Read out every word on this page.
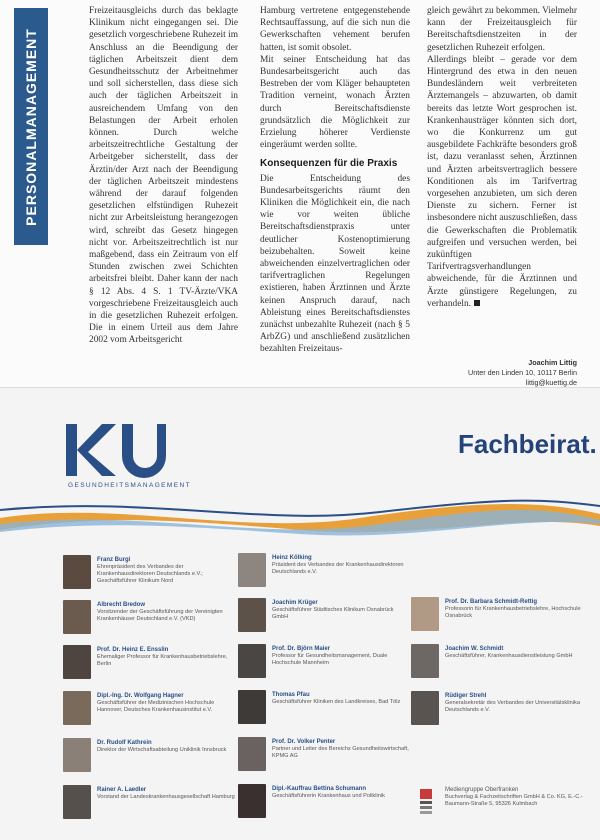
PERSONALMANAGEMENT

Freizeitausgleichs durch das beklagte Klinikum nicht eingegangen sei. Die gesetzlich vorgeschriebene Ruhezeit im Anschluss an die Beendigung der täglichen Arbeitszeit dient dem Gesundheitsschutz der Arbeitnehmer und soll sicherstellen, dass diese sich auch der täglichen Arbeitszeit in ausreichendem Umfang von den Belastungen der Arbeit erholen können. Durch welche arbeitszeitrechtliche Gestaltung der Arbeitgeber sicherstellt, dass der Ärztin/der Arzt nach der Beendigung der täglichen Arbeitszeit mindestens während der darauf folgenden gesetzlichen elfstündigen Ruhezeit nicht zur Arbeitsleistung herangezogen wird, schreibt das Gesetz hingegen nicht vor. Arbeitszeitrechtlich ist nur maßgebend, dass ein Zeitraum von elf Stunden zwischen zwei Schichten arbeitsfrei bleibt. Daher kann der nach § 12 Abs. 4 S. 1 TV-Ärzte/VKA vorgeschriebene Freizeitausgleich auch in die gesetzlichen Ruhezeit erfolgen. Die in einem Urteil aus dem Jahre 2002 vom Arbeitsgericht

Hamburg vertretene entgegenstehende Rechtsauffassung, auf die sich nun die Gewerkschaften vehement berufen hatten, ist somit obsolet.

Mit seiner Entscheidung hat das Bundesarbeitsgericht auch das Bestreben der vom Kläger behaupteten Tradition verneint, wonach Ärzten durch Bereitschaftsdienste grundsätzlich die Möglichkeit zur Erzielung höherer Verdienste eingeräumt werden sollte.

Konsequenzen für die Praxis

Die Entscheidung des Bundesarbeitsgerichts räumt den Kliniken die Möglichkeit ein, die nach wie vor weiten übliche Bereitschaftsdienstpraxis unter deutlicher Kostenoptimierung beizubehalten. Soweit keine abweichenden einzelvertraglichen oder tarifvertraglichen Regelungen existieren, haben Ärztinnen und Ärzte keinen Anspruch darauf, nach Ableistung eines Bereitschaftsdienstes zunächst unbezahlte Ruhezeit (nach § 5 ArbZG) und anschließend zusätzlichen bezahlten Freizeitaus-

gleich gewährt zu bekommen. Vielmehr kann der Freizeitausgleich für Bereitschaftsdienstzeiten in der gesetzlichen Ruhezeit erfolgen.

Allerdings bleibt – gerade vor dem Hintergrund des etwa in den neuen Bundesländern weit verbreiteten Ärztemangels – abzuwarten, ob damit bereits das letzte Wort gesprochen ist. Krankenhausträger könnten sich dort, wo die Konkurrenz um gut ausgebildete Fachkräfte besonders groß ist, dazu veranlasst sehen, Ärztinnen und Ärzten arbeitsvertraglich bessere Konditionen als im Tarifvertrag vorgesehen anzubieten, um sich deren Dienste zu sichern. Ferner ist insbesondere nicht auszuschließen, dass die Gewerkschaften die Problematik aufgreifen und versuchen werden, bei zukünftigen Tarifvertragsverhandlungen abweichende, für die Ärztinnen und Ärzte günstigere Regelungen, zu verhandeln.

Joachim Littig
Unter den Linden 10, 10117 Berlin
littig@kuettig.de
GESUNDHEITSMANAGEMENT
Fachbeirat.
Franz Burgi
Ehrenpräsident des Verbandes der Krankenhausdirektoren Deutschlands e.V.; Geschäftsführer Klinikum Nord
Albrecht Bredow
Vorsitzender der Geschäftsführung der Vereinigten Krankenhäuser Deutschland e.V. (VKD)
Prof. Dr. Heinz E. Ensslin
Ehemaliger Professor für Krankenhausbetriebslehre, Berlin
Dipl.-Ing. Dr. Wolfgang Hagner
Geschäftsführer der Medizinischen Hochschule Hannover, Deutsches Krankenhausinstitut e.V.
Dr. Rudolf Kathrein
Direktor der Wirtschaftsabteilung Uniklinik Innsbruck
Rainer A. Laedler
Vorstand der Landeskrankenhausgesellschaft Hamburg
Heinz Kölking
Präsident des Verbandes der Krankenhausdirektoren Deutschlands e.V.
Joachim Krüger
Geschäftsführer Städtisches Klinikum Osnabrück GmbH
Prof. Dr. Björn Maier
Professor für Gesundheitsmanagement, Duale Hochschule Mannheim
Thomas Pfau
Geschäftsführer Kliniken des Landkreises, Bad Tölz
Prof. Dr. Volker Penter
Partner und Leiter des Bereichs Gesundheitswirtschaft, KPMG AG
Dipl.-Kauffrau Bettina Schumann
Geschäftsführerin Krankenhaus und Poliklinik
Prof. Dr. Barbara Schmidt-Rettig
Professorin für Krankenhausbetriebslehre, Hochschule Osnabrück
Joachim W. Schmidt
Geschäftsführer, Krankenhausdienstleistung GmbH
Rüdiger Strehl
Generalsekretär des Verbandes der Universitätsklinika Deutschlands e.V.
Mediengruppe Oberfranken
Buchverlag & Fachzeitschriften GmbH & Co. KG, E.-C.-Baumann-Straße 5, 95326 Kulmbach
